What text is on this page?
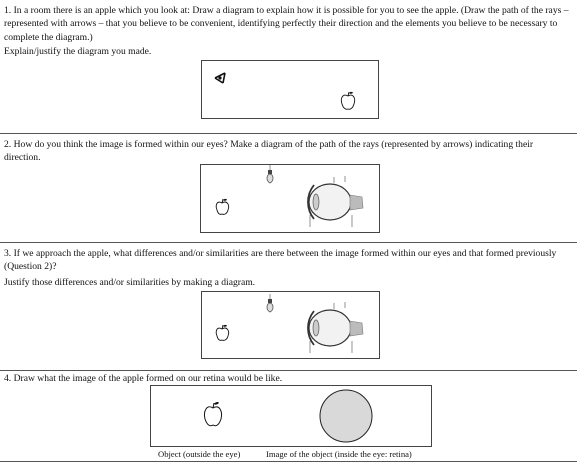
1. In a room there is an apple which you look at: Draw a diagram to explain how it is possible for you to see the apple. (Draw the path of the rays – represented with arrows – that you believe to be convenient, identifying perfectly their direction and the elements you believe to be necessary to complete the diagram.)
Explain/justify the diagram you made.
2. How do you think the image is formed within our eyes? Make a diagram of the path of the rays (represented by arrows) indicating their direction.
3. If we approach the apple, what differences and/or similarities are there between the image formed within our eyes and that formed previously (Question 2)?
Justify those differences and/or similarities by making a diagram.
4. Draw what the image of the apple formed on our retina would be like.
Object (outside the eye)	Image of the object (inside the eye: retina)
